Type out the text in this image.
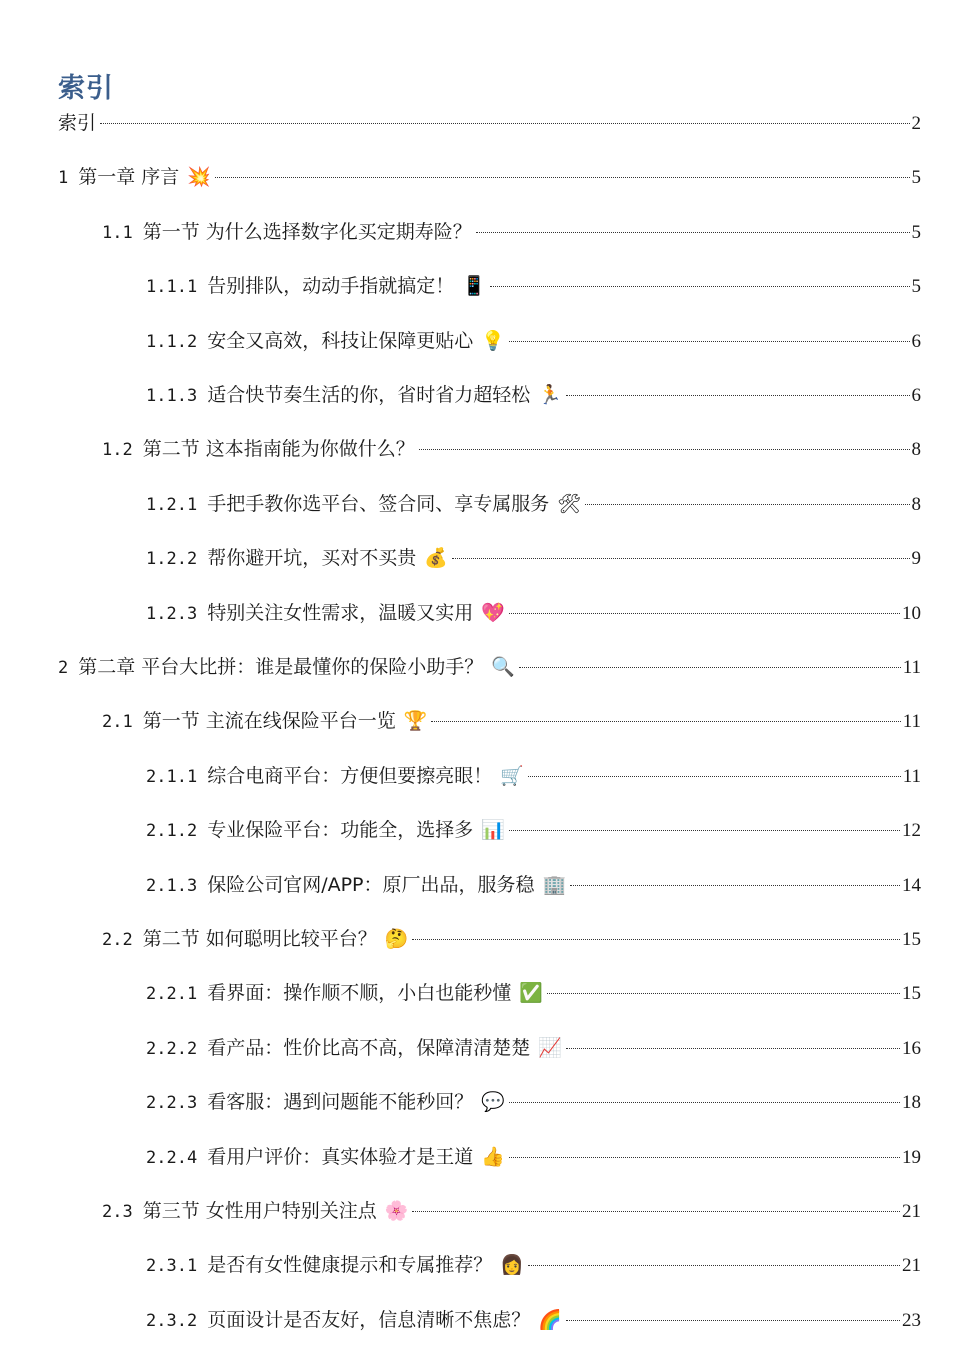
索引
索引	2
1 第一章 序言 💥	5
1.1 第一节 为什么选择数字化买定期寿险？	5
1.1.1 告别排队，动动手指就搞定！ 📱	5
1.1.2 安全又高效，科技让保障更贴心 💡	6
1.1.3 适合快节奏生活的你，省时省力超轻松 🏃	6
1.2 第二节 这本指南能为你做什么？	8
1.2.1 手把手教你选平台、签合同、享专属服务 🛠	8
1.2.2 帮你避开坑，买对不买贵 💰	9
1.2.3 特别关注女性需求，温暖又实用 💖	10
2 第二章 平台大比拼：谁是最懂你的保险小助手？ 🔍	11
2.1 第一节 主流在线保险平台一览 🏆	11
2.1.1 综合电商平台：方便但要擦亮眼！ 🛒	11
2.1.2 专业保险平台：功能全，选择多 📊	12
2.1.3 保险公司官网/APP：原厂出品，服务稳 🏢	14
2.2 第二节 如何聪明比较平台？ 🤔	15
2.2.1 看界面：操作顺不顺，小白也能秒懂 ✅	15
2.2.2 看产品：性价比高不高，保障清清楚楚 📈	16
2.2.3 看客服：遇到问题能不能秒回？ 💬	18
2.2.4 看用户评价：真实体验才是王道 👍	19
2.3 第三节 女性用户特别关注点 🌸	21
2.3.1 是否有女性健康提示和专属推荐？ 👩	21
2.3.2 页面设计是否友好，信息清晰不焦虑？ 🌈	23
